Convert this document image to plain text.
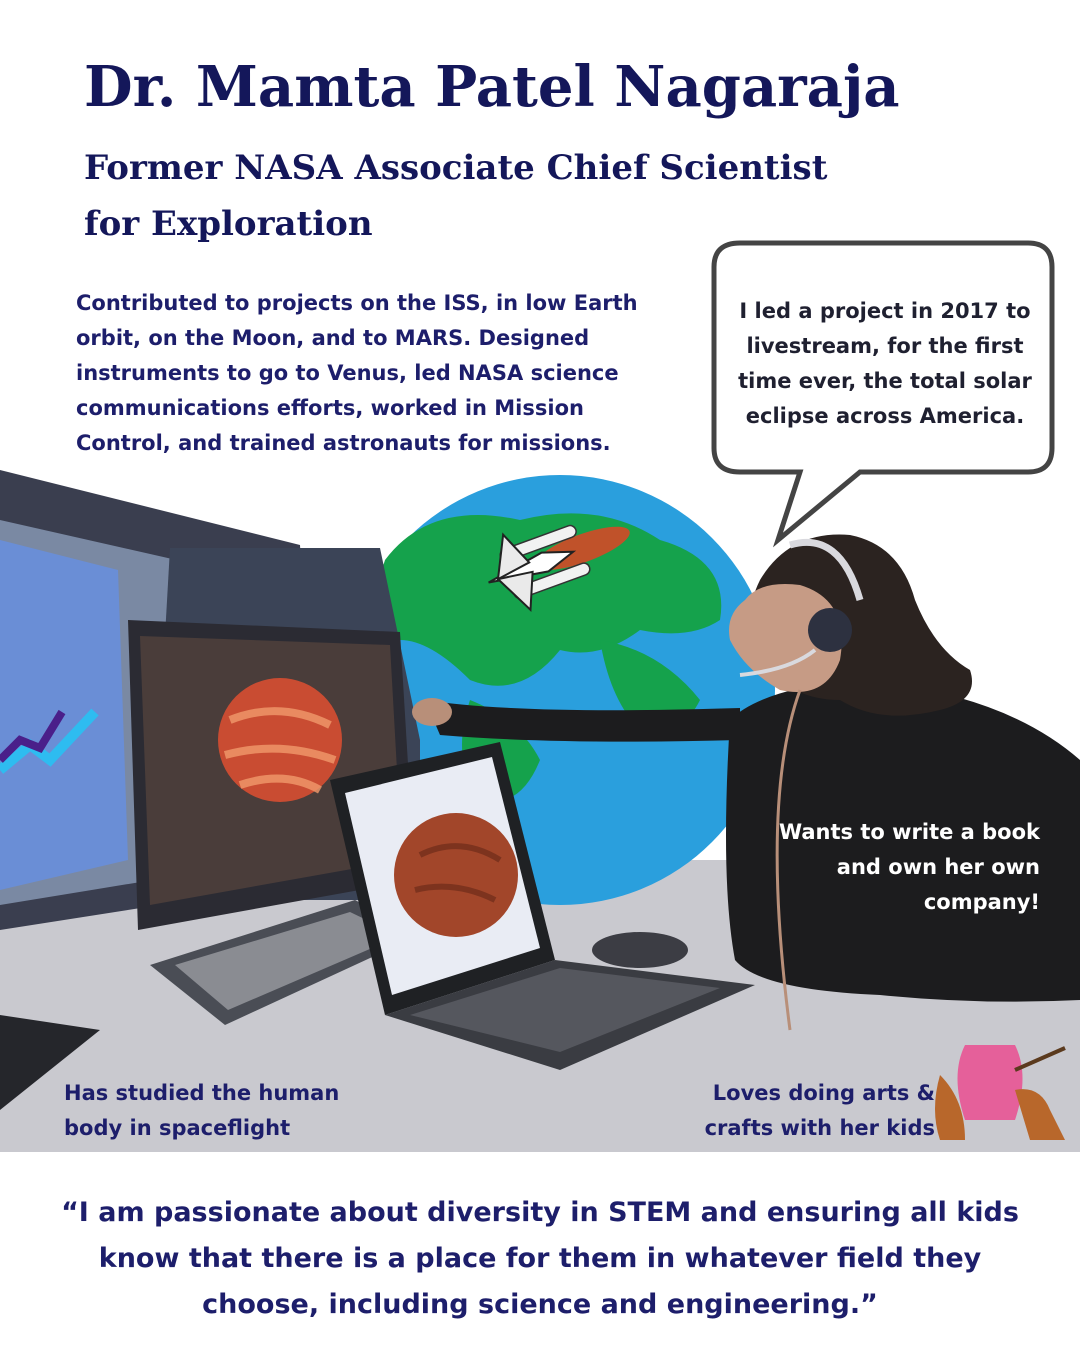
Dr. Mamta Patel Nagaraja
Former NASA Associate Chief Scientist for Exploration
Contributed to projects on the ISS, in low Earth orbit, on the Moon, and to MARS. Designed instruments to go to Venus, led NASA science communications efforts, worked in Mission Control, and trained astronauts for missions.
I led a project in 2017 to livestream, for the first time ever, the total solar eclipse across America.
Wants to write a book and own her own company!
Has studied the human body in spaceflight
Loves doing arts & crafts with her kids
“I am passionate about diversity in STEM and ensuring all kids know that there is a place for them in whatever field they choose, including science and engineering.”
